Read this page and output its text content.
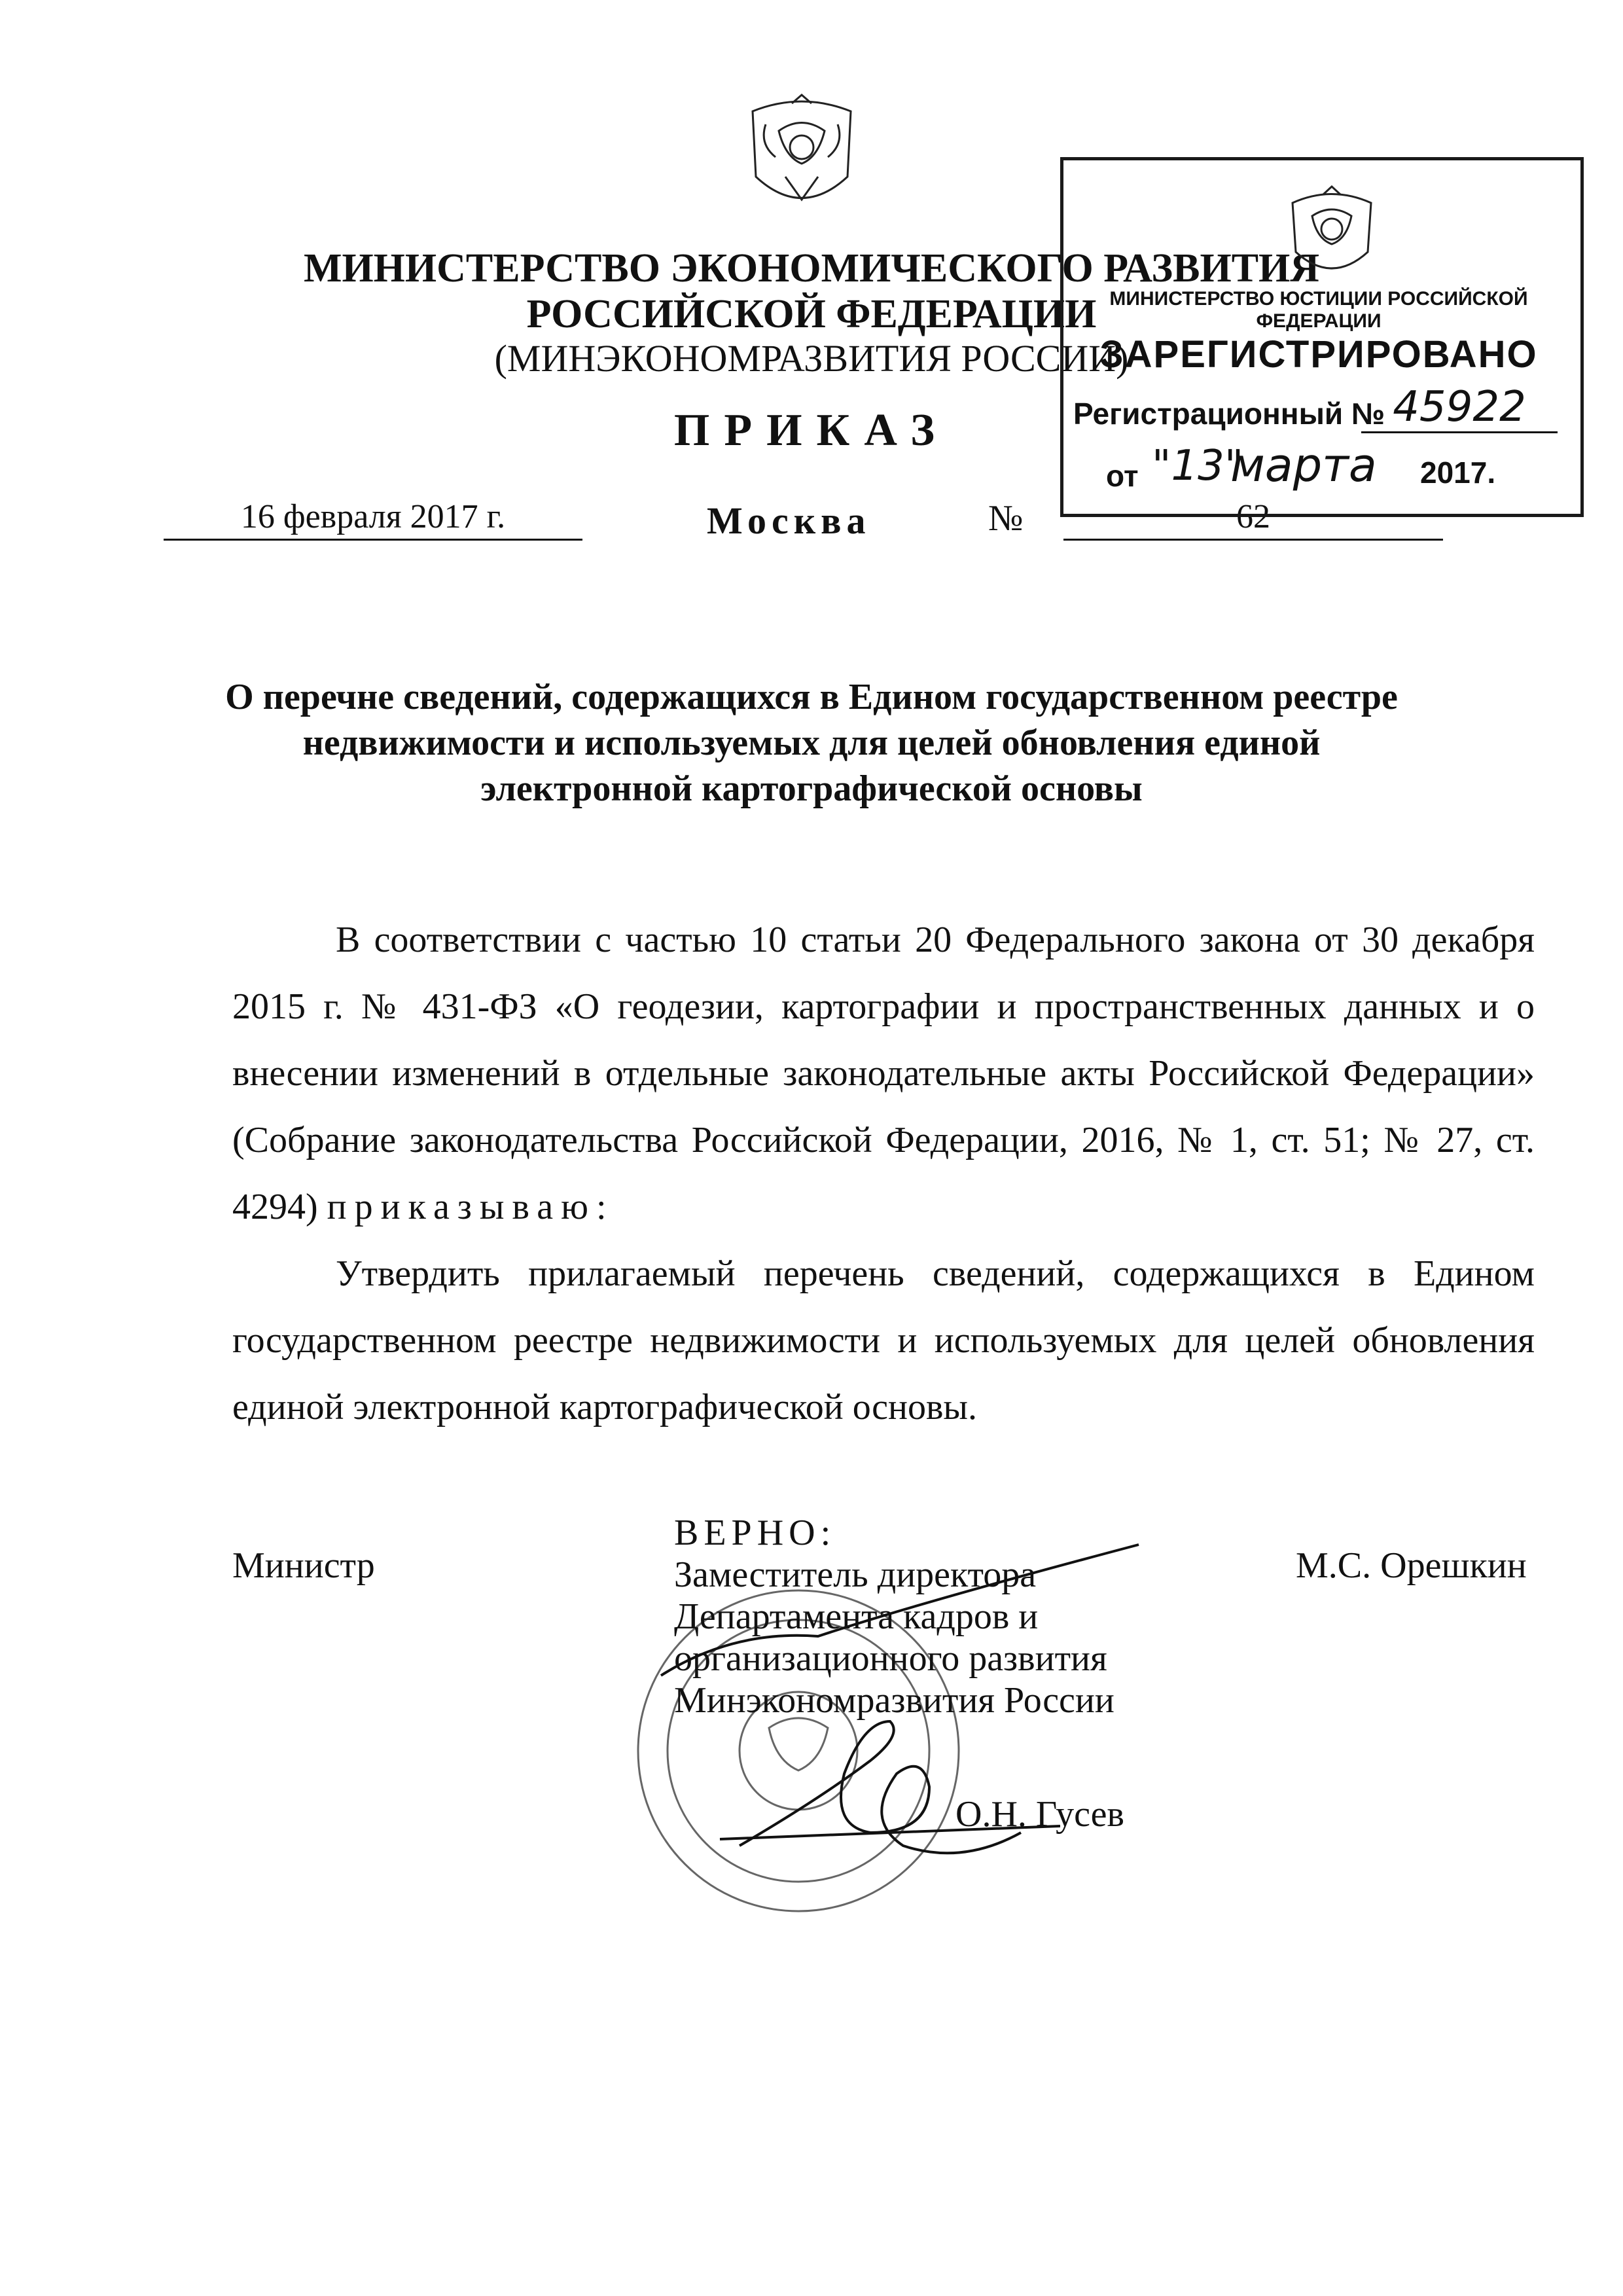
МИНИСТЕРСТВО ЭКОНОМИЧЕСКОГО РАЗВИТИЯ
РОССИЙСКОЙ ФЕДЕРАЦИИ
(МИНЭКОНОМРАЗВИТИЯ РОССИИ)
ПРИКАЗ
16 февраля 2017 г.	Москва	№	62
МИНИСТЕРСТВО ЮСТИЦИИ РОССИЙСКОЙ ФЕДЕРАЦИИ
ЗАРЕГИСТРИРОВАНО
Регистрационный № 45922
от "13"
марта 2017.
О перечне сведений, содержащихся в Едином государственном реестре недвижимости и используемых для целей обновления единой электронной картографической основы
В соответствии с частью 10 статьи 20 Федерального закона от 30 декабря 2015 г. № 431-ФЗ «О геодезии, картографии и пространственных данных и о внесении изменений в отдельные законодательные акты Российской Федерации» (Собрание законодательства Российской Федерации, 2016, № 1, ст. 51; № 27, ст. 4294) приказываю:
Утвердить прилагаемый перечень сведений, содержащихся в Едином государственном реестре недвижимости и используемых для целей обновления единой электронной картографической основы.
Министр	М.С. Орешкин
ВЕРНО:
Заместитель директора
Департамента кадров и
организационного развития
Минэкономразвития России
О.Н. Гусев
